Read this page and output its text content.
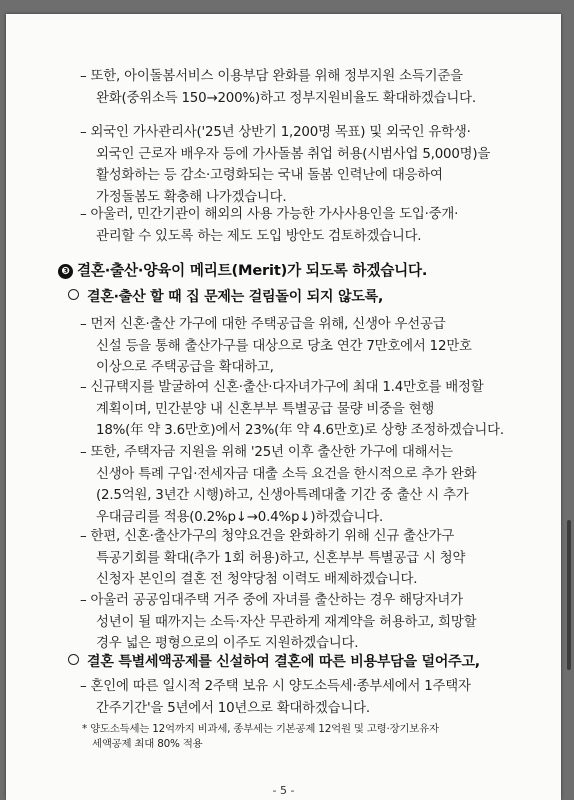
– 또한, 아이돌봄서비스 이용부담 완화를 위해 정부지원 소득기준을
완화(중위소득 150→200%)하고 정부지원비율도 확대하겠습니다.
– 외국인 가사관리사('25년 상반기 1,200명 목표) 및 외국인 유학생·
외국인 근로자 배우자 등에 가사돌봄 취업 허용(시범사업 5,000명)을
활성화하는 등 감소·고령화되는 국내 돌봄 인력난에 대응하여
가정돌봄도 확충해 나가겠습니다.
– 아울러, 민간기관이 해외의 사용 가능한 가사사용인을 도입·중개·
관리할 수 있도록 하는 제도 도입 방안도 검토하겠습니다.
❸ 결혼·출산·양육이 메리트(Merit)가 되도록 하겠습니다.
결혼·출산 할 때 집 문제는 걸림돌이 되지 않도록,
– 먼저 신혼·출산 가구에 대한 주택공급을 위해, 신생아 우선공급
신설 등을 통해 출산가구를 대상으로 당초 연간 7만호에서 12만호
이상으로 주택공급을 확대하고,
– 신규택지를 발굴하여 신혼·출산·다자녀가구에 최대 1.4만호를 배정할
계획이며, 민간분양 내 신혼부부 특별공급 물량 비중을 현행
18%(年 약 3.6만호)에서 23%(年 약 4.6만호)로 상향 조정하겠습니다.
– 또한, 주택자금 지원을 위해 '25년 이후 출산한 가구에 대해서는
신생아 특례 구입·전세자금 대출 소득 요건을 한시적으로 추가 완화
(2.5억원, 3년간 시행)하고, 신생아특례대출 기간 중 출산 시 추가
우대금리를 적용(0.2%p↓→0.4%p↓)하겠습니다.
– 한편, 신혼·출산가구의 청약요건을 완화하기 위해 신규 출산가구
특공기회를 확대(추가 1회 허용)하고, 신혼부부 특별공급 시 청약
신청자 본인의 결혼 전 청약당첨 이력도 배제하겠습니다.
– 아울러 공공임대주택 거주 중에 자녀를 출산하는 경우 해당자녀가
성년이 될 때까지는 소득·자산 무관하게 재계약을 허용하고, 희망할
경우 넓은 평형으로의 이주도 지원하겠습니다.
결혼 특별세액공제를 신설하여 결혼에 따른 비용부담을 덜어주고,
– 혼인에 따른 일시적 2주택 보유 시 양도소득세·종부세에서 1주택자
간주기간'을 5년에서 10년으로 확대하겠습니다.
* 양도소득세는 12억까지 비과세, 종부세는 기본공제 12억원 및 고령·장기보유자
세액공제 최대 80% 적용
- 5 -
